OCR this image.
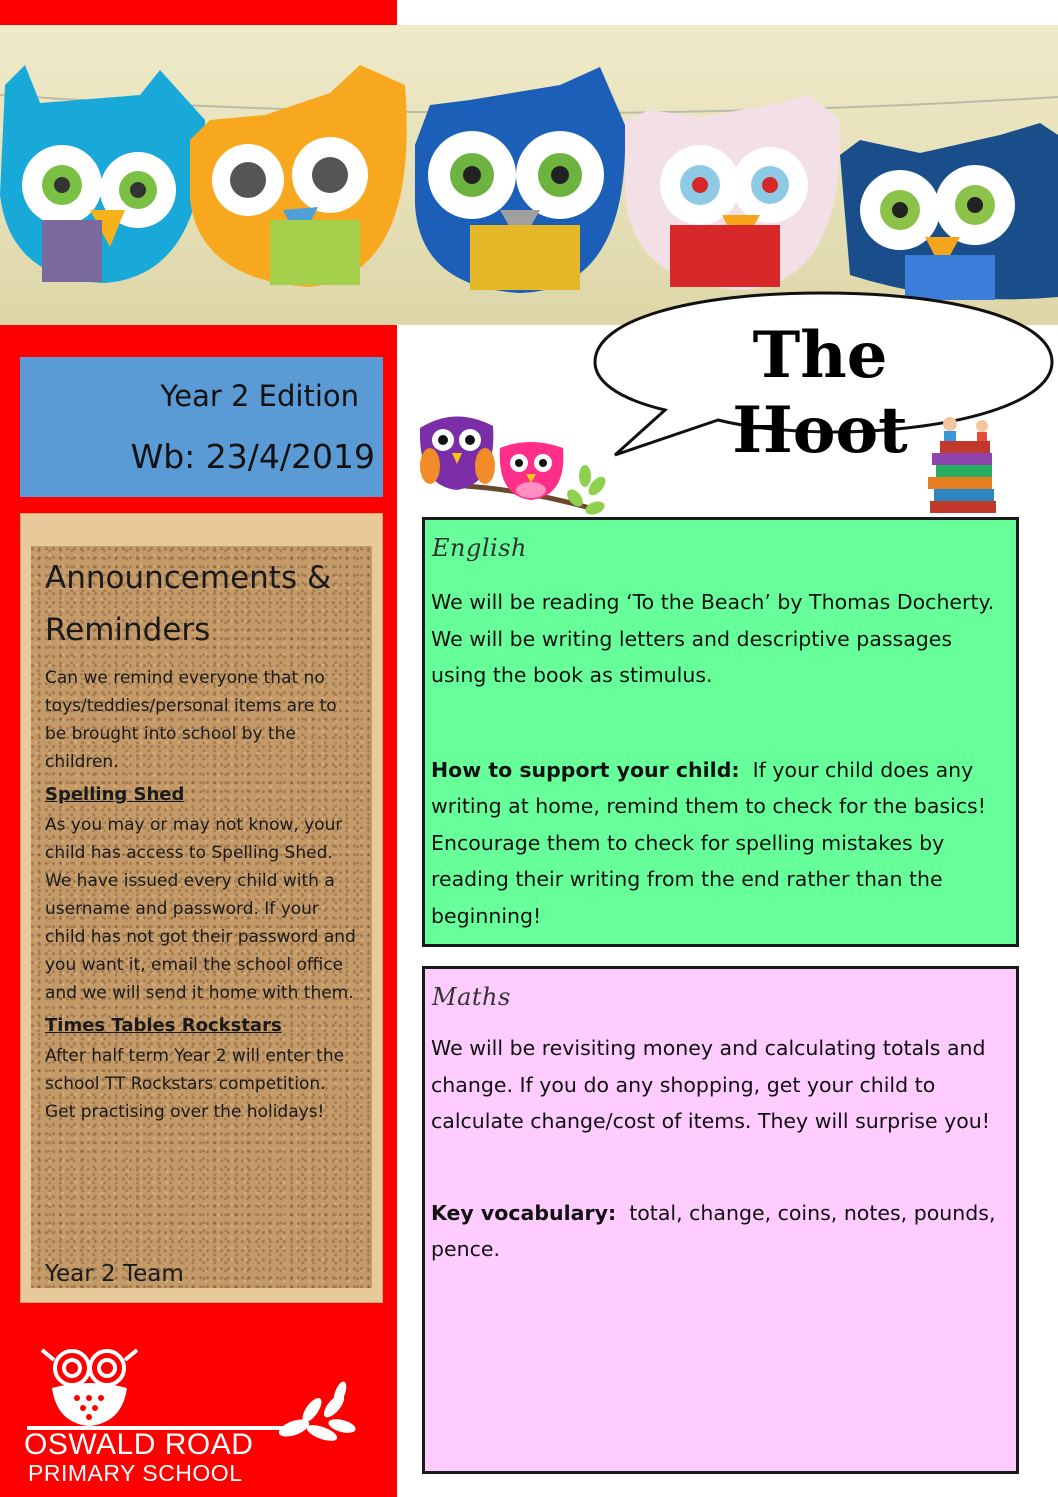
Year 2 Edition
Wb: 23/4/2019
Announcements &
Reminders

Can we remind everyone that no toys/teddies/personal items are to be brought into school by the children.

Spelling Shed

As you may or may not know, your child has access to Spelling Shed. We have issued every child with a username and password. If your child has not got their password and you want it, email the school office and we will send it home with them.

Times Tables Rockstars

After half term Year 2 will enter the school TT Rockstars competition. Get practising over the holidays!

Year 2 Team
OSWALD ROAD
PRIMARY SCHOOL
The Hoot
English

We will be reading ‘To the Beach’ by Thomas Docherty. We will be writing letters and descriptive passages using the book as stimulus.

How to support your child: If your child does any writing at home, remind them to check for the basics! Encourage them to check for spelling mistakes by reading their writing from the end rather than the beginning!

Maths

We will be revisiting money and calculating totals and change. If you do any shopping, get your child to calculate change/cost of items. They will surprise you!

Key vocabulary: total, change, coins, notes, pounds, pence.
